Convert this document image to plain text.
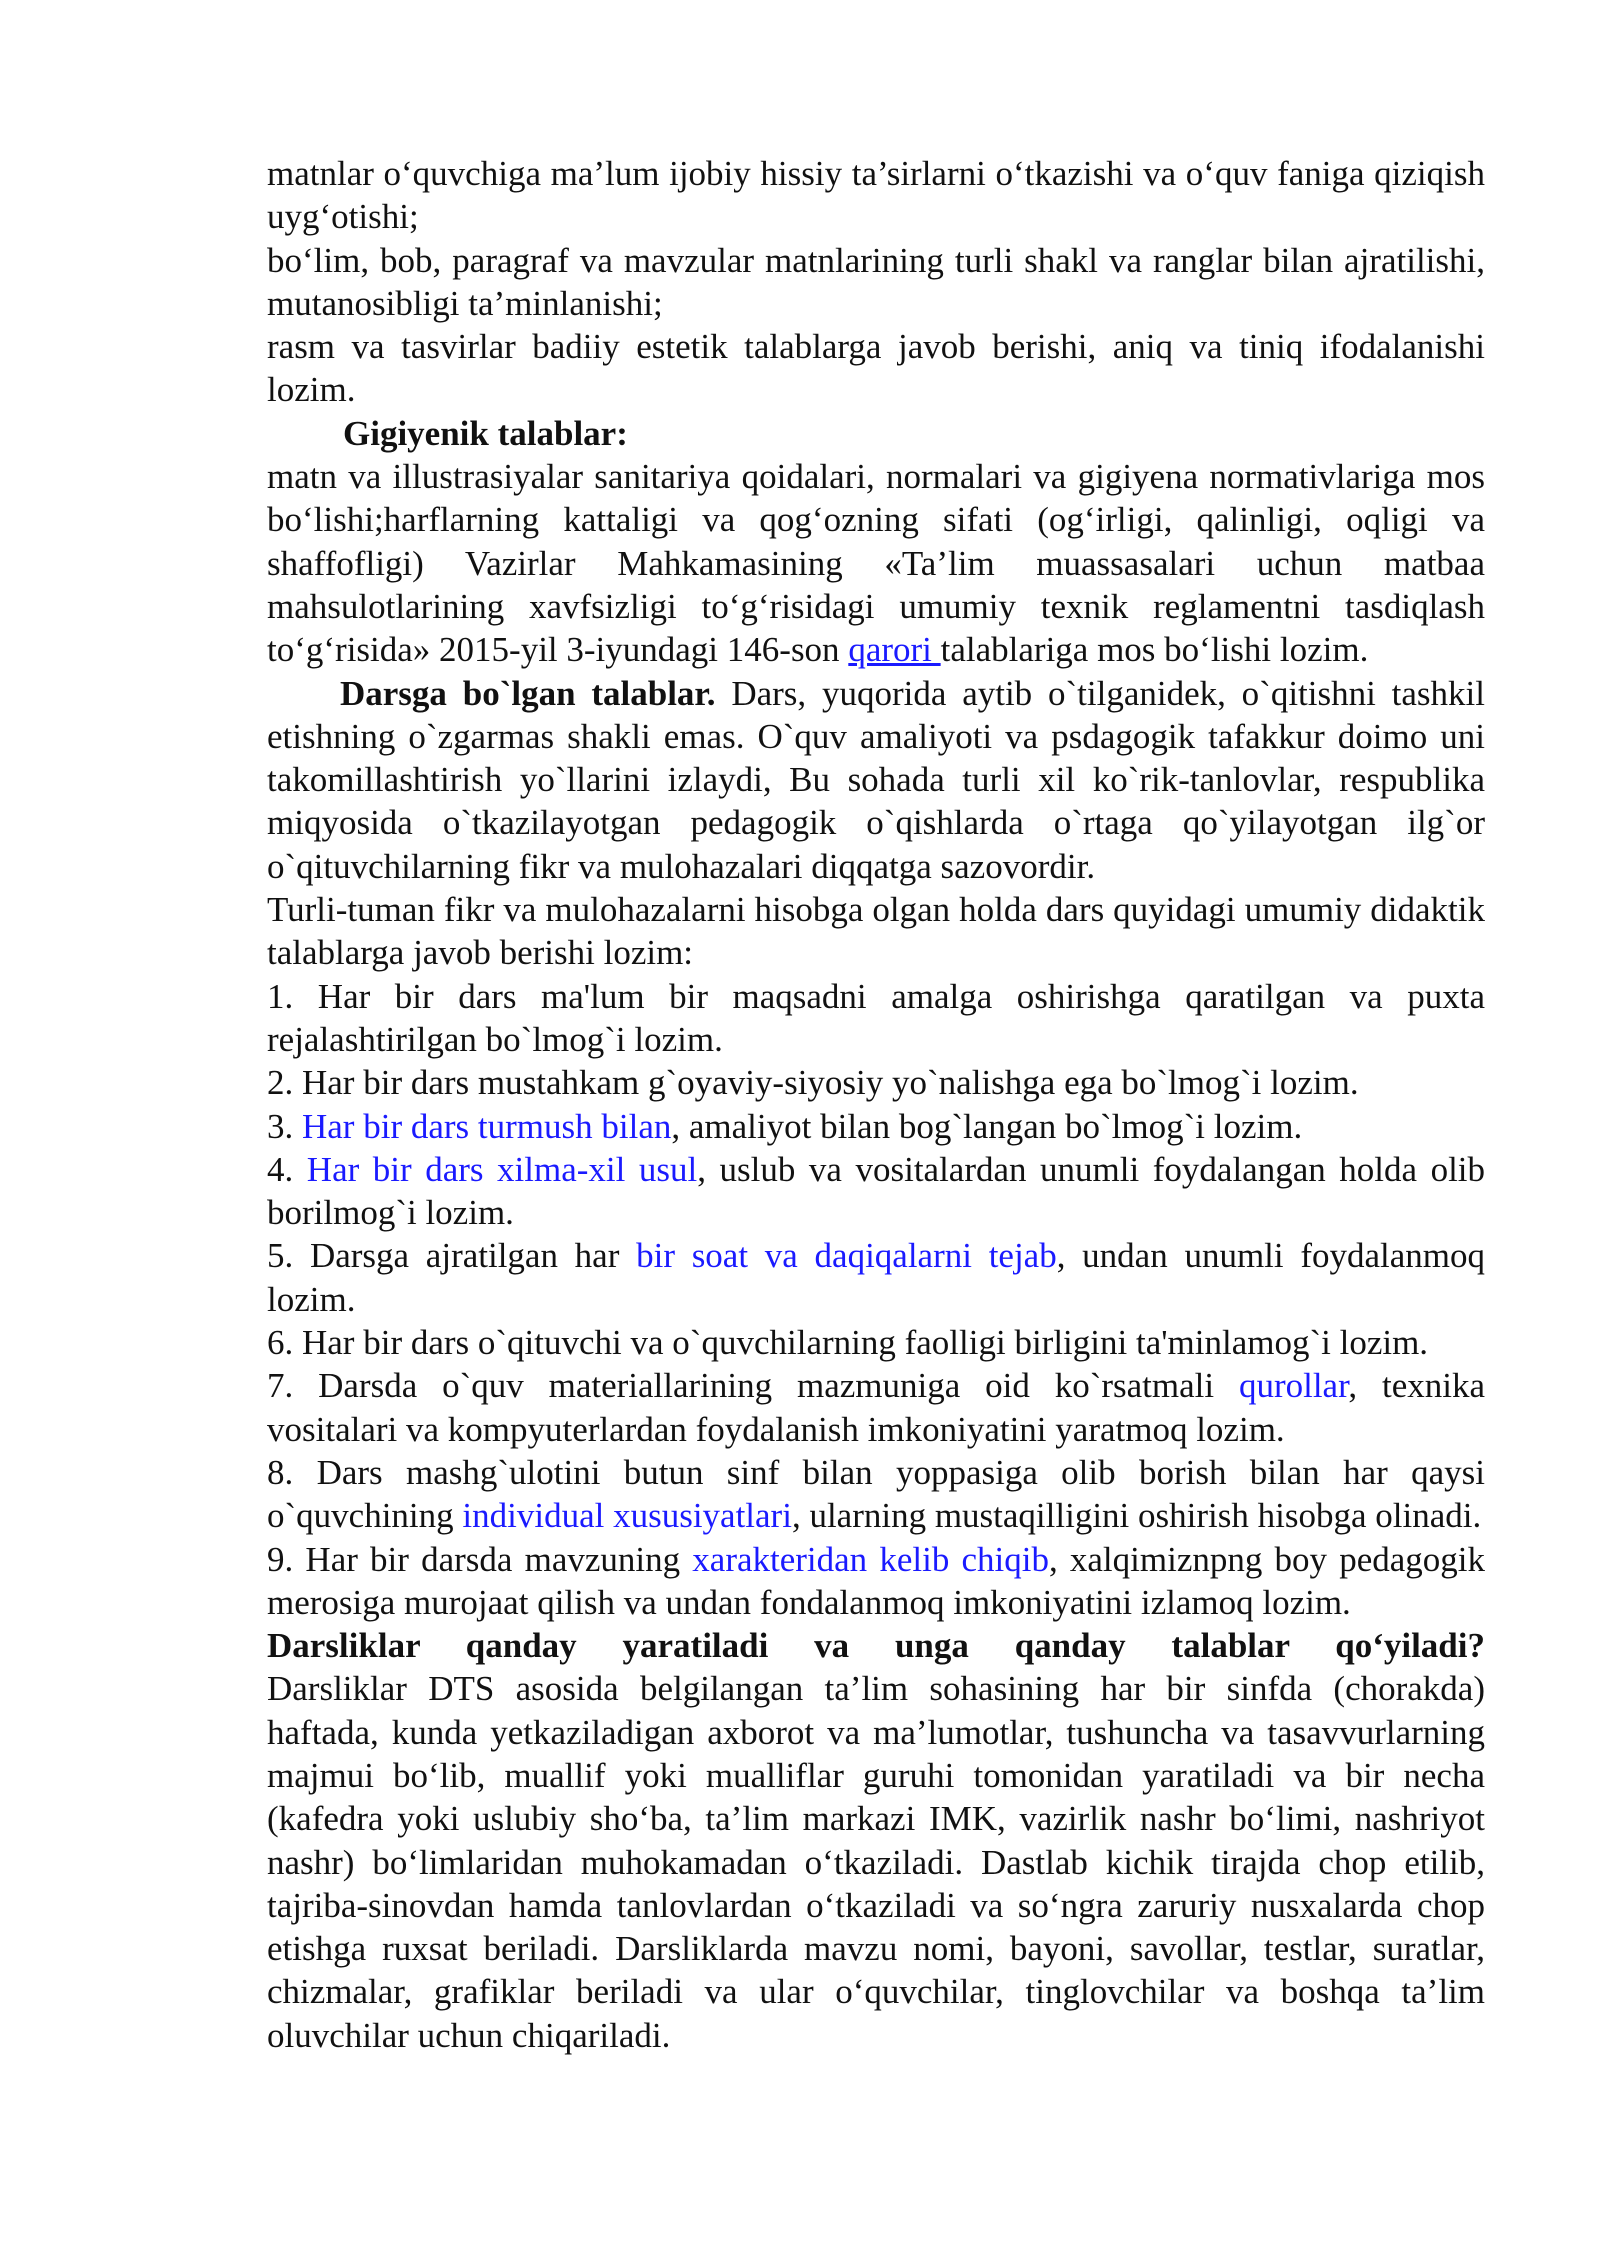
matnlar o‘quvchiga ma’lum ijobiy hissiy ta’sirlarni o‘tkazishi va o‘quv faniga qiziqish uyg‘otishi;

bo‘lim, bob, paragraf va mavzular matnlarining turli shakl va ranglar bilan ajratilishi, mutanosibligi ta’minlanishi;

rasm va tasvirlar badiiy estetik talablarga javob berishi, aniq va tiniq ifodalanishi lozim.

Gigiyenik talablar:

matn va illustrasiyalar sanitariya qoidalari, normalari va gigiyena normativlariga mos bo‘lishi;harflarning kattaligi va qog‘ozning sifati (og‘irligi, qalinligi, oqligi va shaffofligi) Vazirlar Mahkamasining «Ta’lim muassasalari uchun matbaa mahsulotlarining xavfsizligi to‘g‘risidagi umumiy texnik reglamentni tasdiqlash to‘g‘risida» 2015-yil 3-iyundagi 146-son qarori talablariga mos bo‘lishi lozim.

Darsga bo`lgan talablar. Dars, yuqorida aytib o`tilganidek, o`qitishni tashkil etishning o`zgarmas shakli emas. O`quv amaliyoti va psdagogik tafakkur doimo uni takomillashtirish yo`llarini izlaydi, Bu sohada turli xil ko`rik-tanlovlar, respublika miqyosida o`tkazilayotgan pedagogik o`qishlarda o`rtaga qo`yilayotgan ilg`or o`qituvchilarning fikr va mulohazalari diqqatga sazovordir.

Turli-tuman fikr va mulohazalarni hisobga olgan holda dars quyidagi umumiy didaktik talablarga javob berishi lozim:

1. Har bir dars ma'lum bir maqsadni amalga oshirishga qaratilgan va puxta rejalashtirilgan bo`lmog`i lozim.

2. Har bir dars mustahkam g`oyaviy-siyosiy yo`nalishga ega bo`lmog`i lozim.

3. Har bir dars turmush bilan, amaliyot bilan bog`langan bo`lmog`i lozim.

4. Har bir dars xilma-xil usul, uslub va vositalardan unumli foydalangan holda olib borilmog`i lozim.

5. Darsga ajratilgan har bir soat va daqiqalarni tejab, undan unumli foydalanmoq lozim.

6. Har bir dars o`qituvchi va o`quvchilarning faolligi birligini ta'minlamog`i lozim.

7. Darsda o`quv materiallarining mazmuniga oid ko`rsatmali qurollar, texnika vositalari va kompyuterlardan foydalanish imkoniyatini yaratmoq lozim.

8. Dars mashg`ulotini butun sinf bilan yoppasiga olib borish bilan har qaysi o`quvchining individual xususiyatlari, ularning mustaqilligini oshirish hisobga olinadi.

9. Har bir darsda mavzuning xarakteridan kelib chiqib, xalqimiznpng boy pedagogik merosiga murojaat qilish va undan fondalanmoq imkoniyatini izlamoq lozim.

Darsliklar qanday yaratiladi va unga qanday talablar qo‘yiladi?

Darsliklar DTS asosida belgilangan ta’lim sohasining har bir sinfda (chorakda) haftada, kunda yetkaziladigan axborot va ma’lumotlar, tushuncha va tasavvurlarning majmui bo‘lib, muallif yoki mualliflar guruhi tomonidan yaratiladi va bir necha (kafedra yoki uslubiy sho‘ba, ta’lim markazi IMK, vazirlik nashr bo‘limi, nashriyot nashr) bo‘limlaridan muhokamadan o‘tkaziladi. Dastlab kichik tirajda chop etilib, tajriba-sinovdan hamda tanlovlardan o‘tkaziladi va so‘ngra zaruriy nusxalarda chop etishga ruxsat beriladi. Darsliklarda mavzu nomi, bayoni, savollar, testlar, suratlar, chizmalar, grafiklar beriladi va ular o‘quvchilar, tinglovchilar va boshqa ta’lim oluvchilar uchun chiqariladi.
